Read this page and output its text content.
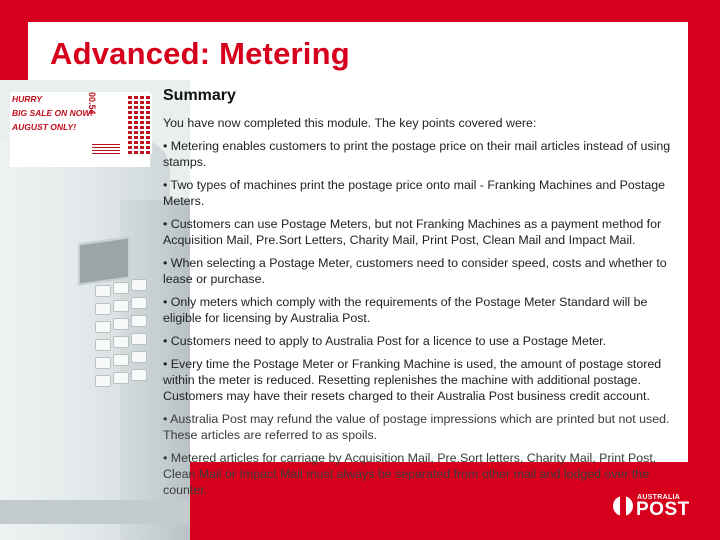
Advanced: Metering
HURRY
BIG SALE ON NOW!
AUGUST ONLY!
00.54	Summary
You have now completed this module. The key points covered were:
• Metering enables customers to print the postage price on their mail articles instead of using stamps.
• Two types of machines print the postage price onto mail - Franking Machines and Postage Meters.
• Customers can use Postage Meters, but not Franking Machines as a payment method for Acquisition Mail, Pre.Sort Letters, Charity Mail, Print Post, Clean Mail and Impact Mail.
• When selecting a Postage Meter, customers need to consider speed, costs and whether to lease or purchase.
• Only meters which comply with the requirements of the Postage Meter Standard will be eligible for licensing by Australia Post.
• Customers need to apply to Australia Post for a licence to use a Postage Meter.
• Every time the Postage Meter or Franking Machine is used, the amount of postage stored within the meter is reduced. Resetting replenishes the machine with additional postage. Customers may have their resets charged to their Australia Post business credit account.
• Australia Post may refund the value of postage impressions which are printed but not used. These articles are referred to as spoils.
• Metered articles for carriage by Acquisition Mail, Pre.Sort letters, Charity Mail, Print Post, Clean Mail or Impact Mail must always be separated from other mail and lodged over the counter.
AUSTRALIA
POST
